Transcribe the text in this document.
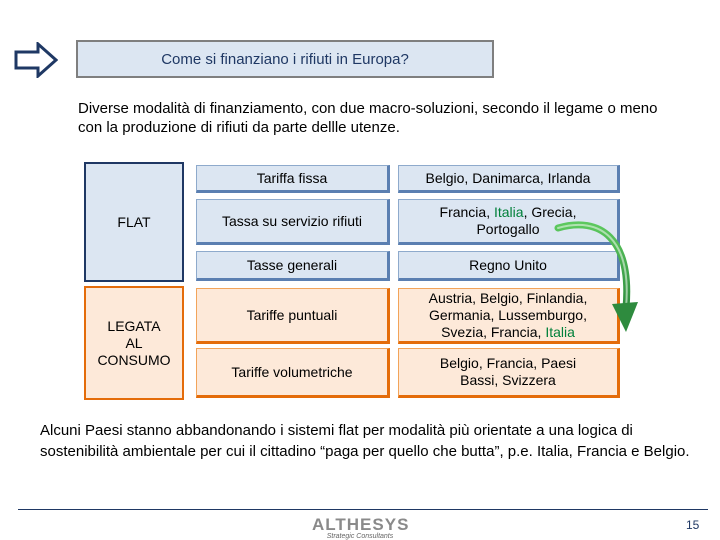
Come si finanziano i rifiuti in Europa?
Diverse modalità di finanziamento, con due macro-soluzioni, secondo il legame o meno con la produzione di rifiuti da parte dellle utenze.
FLAT
LEGATA
AL
CONSUMO
Tariffa fissa
Tassa su servizio rifiuti
Tasse generali
Tariffe puntuali
Tariffe volumetriche
Belgio, Danimarca, Irlanda
Francia, Italia, Grecia,
Portogallo
Regno Unito
Austria, Belgio, Finlandia,
Germania, Lussemburgo,
Svezia, Francia, Italia
Belgio, Francia, Paesi
Bassi, Svizzera
Alcuni Paesi stanno abbandonando i sistemi flat per modalità più orientate a una logica di sostenibilità ambientale per cui il cittadino “paga per quello che butta”, p.e. Italia, Francia e Belgio.
ALTHESYS
Strategic Consultants
15
